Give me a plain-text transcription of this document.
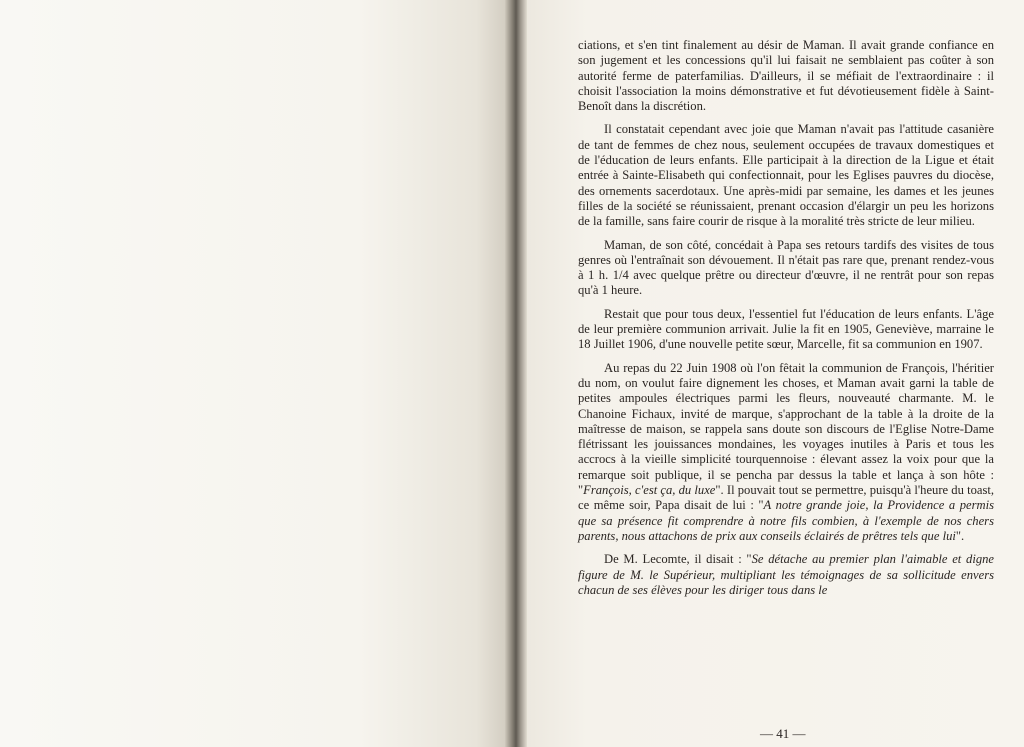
ciations, et s'en tint finalement au désir de Maman. Il avait grande confiance en son jugement et les concessions qu'il lui faisait ne semblaient pas coûter à son autorité ferme de paterfamilias. D'ailleurs, il se méfiait de l'extraordinaire : il choisit l'association la moins démonstrative et fut dévotieusement fidèle à Saint-Benoît dans la discrétion.

Il constatait cependant avec joie que Maman n'avait pas l'attitude casanière de tant de femmes de chez nous, seulement occupées de travaux domestiques et de l'éducation de leurs enfants. Elle participait à la direction de la Ligue et était entrée à Sainte-Elisabeth qui confectionnait, pour les Eglises pauvres du diocèse, des ornements sacerdotaux. Une après-midi par semaine, les dames et les jeunes filles de la société se réunissaient, prenant occasion d'élargir un peu les horizons de la famille, sans faire courir de risque à la moralité très stricte de leur milieu.

Maman, de son côté, concédait à Papa ses retours tardifs des visites de tous genres où l'entraînait son dévouement. Il n'était pas rare que, prenant rendez-vous à 1 h. 1/4 avec quelque prêtre ou directeur d'œuvre, il ne rentrât pour son repas qu'à 1 heure.

Restait que pour tous deux, l'essentiel fut l'éducation de leurs enfants. L'âge de leur première communion arrivait. Julie la fit en 1905, Geneviève, marraine le 18 Juillet 1906, d'une nouvelle petite sœur, Marcelle, fit sa communion en 1907.

Au repas du 22 Juin 1908 où l'on fêtait la communion de François, l'héritier du nom, on voulut faire dignement les choses, et Maman avait garni la table de petites ampoules électriques parmi les fleurs, nouveauté charmante. M. le Chanoine Fichaux, invité de marque, s'approchant de la table à la droite de la maîtresse de maison, se rappela sans doute son discours de l'Eglise Notre-Dame flétrissant les jouissances mondaines, les voyages inutiles à Paris et tous les accrocs à la vieille simplicité tourquennoise : élevant assez la voix pour que la remarque soit publique, il se pencha par dessus la table et lança à son hôte : "François, c'est ça, du luxe". Il pouvait tout se permettre, puisqu'à l'heure du toast, ce même soir, Papa disait de lui : "A notre grande joie, la Providence a permis que sa présence fit comprendre à notre fils combien, à l'exemple de nos chers parents, nous attachons de prix aux conseils éclairés de prêtres tels que lui".

De M. Lecomte, il disait : "Se détache au premier plan l'aimable et digne figure de M. le Supérieur, multipliant les témoignages de sa sollicitude envers chacun de ses élèves pour les diriger tous dans le

— 41 —
